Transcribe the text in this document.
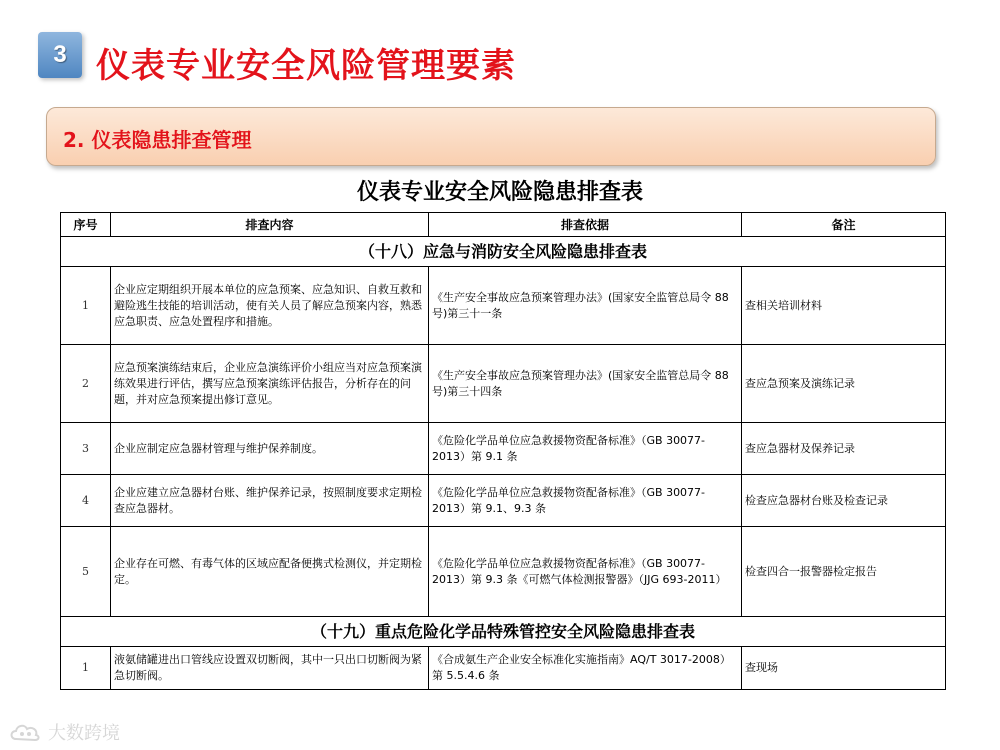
3 仪表专业安全风险管理要素
2. 仪表隐患排查管理
仪表专业安全风险隐患排查表
序号	排查内容	排查依据	备注
（十八）应急与消防安全风险隐患排查表			
1	企业应定期组织开展本单位的应急预案、应急知识、自救互救和避险逃生技能的培训活动，使有关人员了解应急预案内容，熟悉应急职责、应急处置程序和措施。	《生产安全事故应急预案管理办法》(国家安全监管总局令 88 号)第三十一条	查相关培训材料
2	应急预案演练结束后，企业应急演练评价小组应当对应急预案演练效果进行评估，撰写应急预案演练评估报告，分析存在的问题，并对应急预案提出修订意见。	《生产安全事故应急预案管理办法》(国家安全监管总局令 88 号)第三十四条	查应急预案及演练记录
3	企业应制定应急器材管理与维护保养制度。	《危险化学品单位应急救援物资配备标准》（GB 30077-2013）第 9.1 条	查应急器材及保养记录
4	企业应建立应急器材台账、维护保养记录，按照制度要求定期检查应急器材。	《危险化学品单位应急救援物资配备标准》（GB 30077-2013）第 9.1、9.3 条	检查应急器材台账及检查记录
5	企业存在可燃、有毒气体的区域应配备便携式检测仪，并定期检定。	《危险化学品单位应急救援物资配备标准》（GB 30077-2013）第 9.3 条《可燃气体检测报警器》（JJG 693-2011）	检查四合一报警器检定报告
（十九）重点危险化学品特殊管控安全风险隐患排查表			
1	液氨储罐进出口管线应设置双切断阀，其中一只出口切断阀为紧急切断阀。	《合成氨生产企业安全标准化实施指南》AQ/T 3017-2008）第 5.5.4.6 条	查现场
大数跨境
